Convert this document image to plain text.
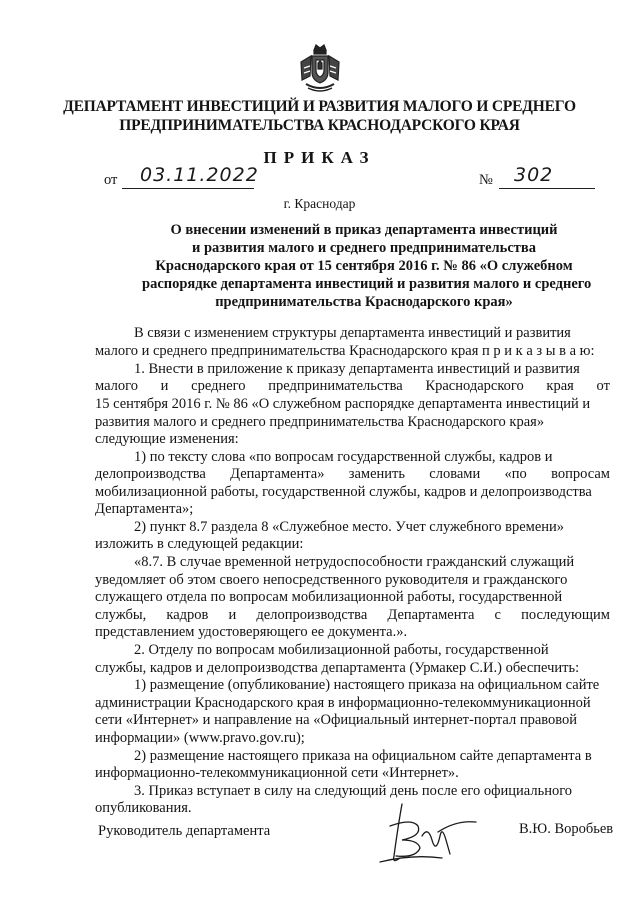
ДЕПАРТАМЕНТ ИНВЕСТИЦИЙ И РАЗВИТИЯ МАЛОГО И СРЕДНЕГО
ПРЕДПРИНИМАТЕЛЬСТВА КРАСНОДАРСКОГО КРАЯ
ПРИКАЗ
от 03.11.2022	№ 302
г. Краснодар
О внесении изменений в приказ департамента инвестиций
и развития малого и среднего предпринимательства
Краснодарского края от 15 сентября 2016 г. № 86 «О служебном
распорядке департамента инвестиций и развития малого и среднего
предпринимательства Краснодарского края»
В связи с изменением структуры департамента инвестиций и развития
малого и среднего предпринимательства Краснодарского края п р и к а з ы в а ю:
1. Внести в приложение к приказу департамента инвестиций и развития
малого и среднего предпринимательства Краснодарского края от
15 сентября 2016 г. № 86 «О служебном распорядке департамента инвестиций и
развития малого и среднего предпринимательства Краснодарского края»
следующие изменения:
1) по тексту слова «по вопросам государственной службы, кадров и
делопроизводства Департамента» заменить словами «по вопросам
мобилизационной работы, государственной службы, кадров и делопроизводства
Департамента»;
2) пункт 8.7 раздела 8 «Служебное место. Учет служебного времени»
изложить в следующей редакции:
«8.7. В случае временной нетрудоспособности гражданский служащий
уведомляет об этом своего непосредственного руководителя и гражданского
служащего отдела по вопросам мобилизационной работы, государственной
службы, кадров и делопроизводства Департамента с последующим
представлением удостоверяющего ее документа.».
2. Отделу по вопросам мобилизационной работы, государственной
службы, кадров и делопроизводства департамента (Урмакер С.И.) обеспечить:
1) размещение (опубликование) настоящего приказа на официальном сайте
администрации Краснодарского края в информационно-телекоммуникационной
сети «Интернет» и направление на «Официальный интернет-портал правовой
информации» (www.pravo.gov.ru);
2) размещение настоящего приказа на официальном сайте департамента в
информационно-телекоммуникационной сети «Интернет».
3. Приказ вступает в силу на следующий день после его официального
опубликования.
Руководитель департамента	В.Ю. Воробьев
